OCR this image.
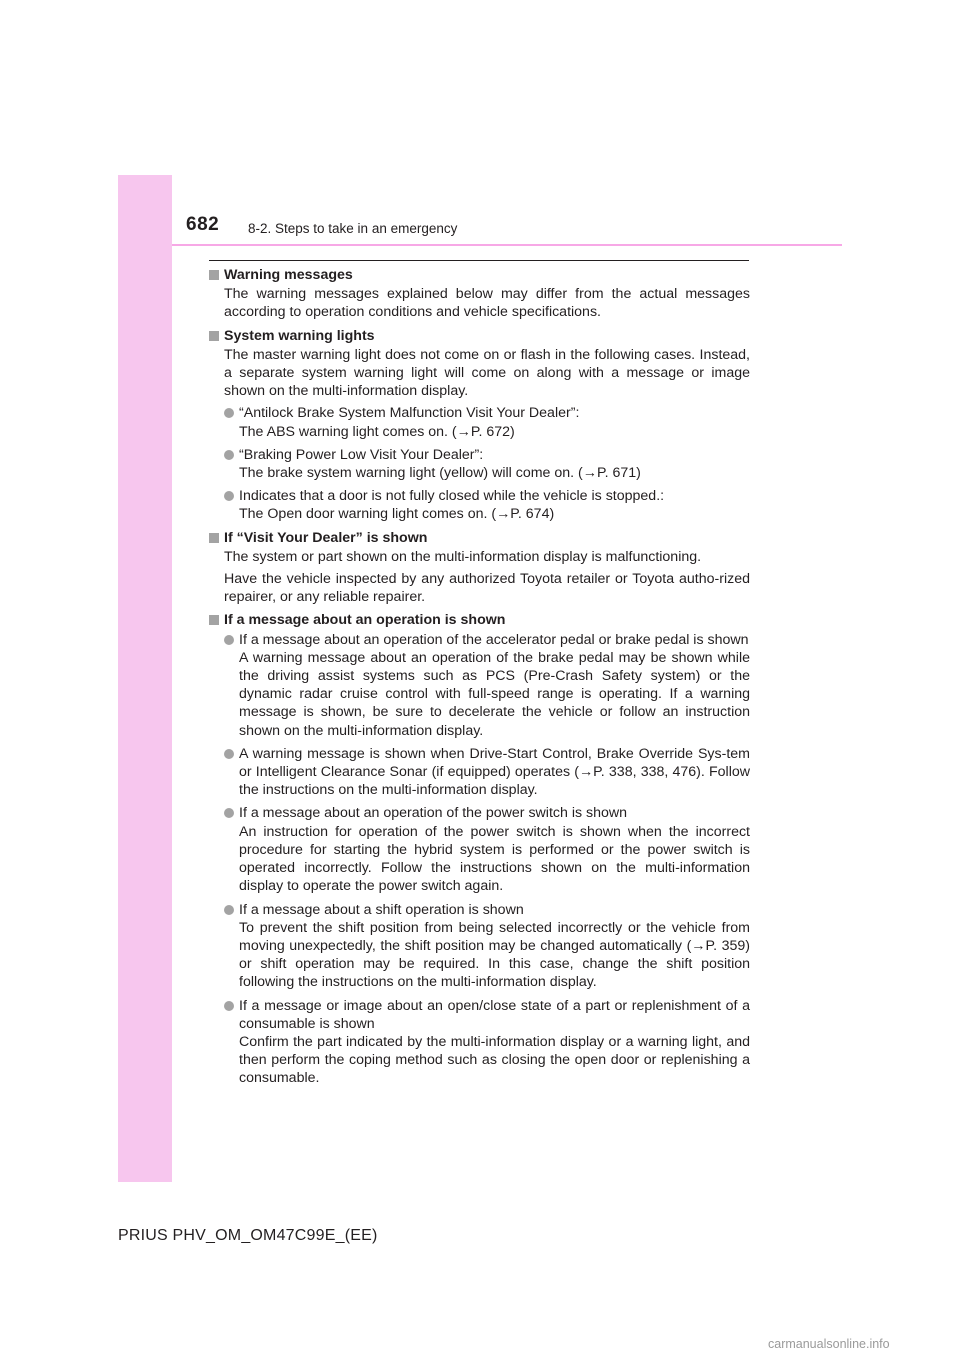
682 8-2. Steps to take in an emergency
Warning messages
The warning messages explained below may differ from the actual messages according to operation conditions and vehicle specifications.
System warning lights
The master warning light does not come on or flash in the following cases. Instead, a separate system warning light will come on along with a message or image shown on the multi-information display.
“Antilock Brake System Malfunction Visit Your Dealer”:
The ABS warning light comes on. (→P. 672)
“Braking Power Low Visit Your Dealer”:
The brake system warning light (yellow) will come on. (→P. 671)
Indicates that a door is not fully closed while the vehicle is stopped.:
The Open door warning light comes on. (→P. 674)
If “Visit Your Dealer” is shown
The system or part shown on the multi-information display is malfunctioning.
Have the vehicle inspected by any authorized Toyota retailer or Toyota autho-rized repairer, or any reliable repairer.
If a message about an operation is shown
If a message about an operation of the accelerator pedal or brake pedal is shown
A warning message about an operation of the brake pedal may be shown while the driving assist systems such as PCS (Pre-Crash Safety system) or the dynamic radar cruise control with full-speed range is operating. If a warning message is shown, be sure to decelerate the vehicle or follow an instruction shown on the multi-information display.
A warning message is shown when Drive-Start Control, Brake Override Sys-tem or Intelligent Clearance Sonar (if equipped) operates (→P. 338, 338, 476). Follow the instructions on the multi-information display.
If a message about an operation of the power switch is shown
An instruction for operation of the power switch is shown when the incorrect procedure for starting the hybrid system is performed or the power switch is operated incorrectly. Follow the instructions shown on the multi-information display to operate the power switch again.
If a message about a shift operation is shown
To prevent the shift position from being selected incorrectly or the vehicle from moving unexpectedly, the shift position may be changed automatically (→P. 359) or shift operation may be required. In this case, change the shift position following the instructions on the multi-information display.
If a message or image about an open/close state of a part or replenishment of a consumable is shown
Confirm the part indicated by the multi-information display or a warning light, and then perform the coping method such as closing the open door or replenishing a consumable.
PRIUS PHV_OM_OM47C99E_(EE)
carmanualsonline.info
